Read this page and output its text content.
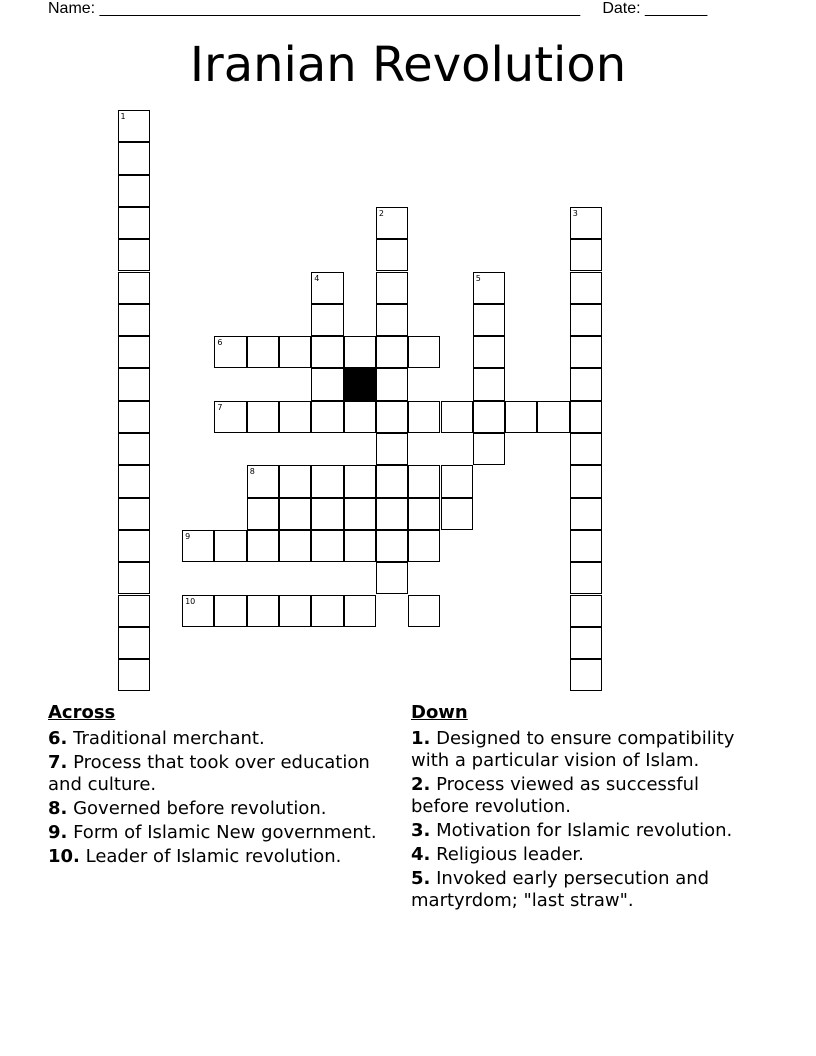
Name: ______________________________________________________ Date: _______
Iranian Revolution
1
2	3
4	5
6
7
8
9
10
Across
6. Traditional merchant.
7. Process that took over education and culture.
8. Governed before revolution.
9. Form of Islamic New government.
10. Leader of Islamic revolution.
Down
1. Designed to ensure compatibility with a particular vision of Islam.
2. Process viewed as successful before revolution.
3. Motivation for Islamic revolution.
4. Religious leader.
5. Invoked early persecution and martyrdom; "last straw".
